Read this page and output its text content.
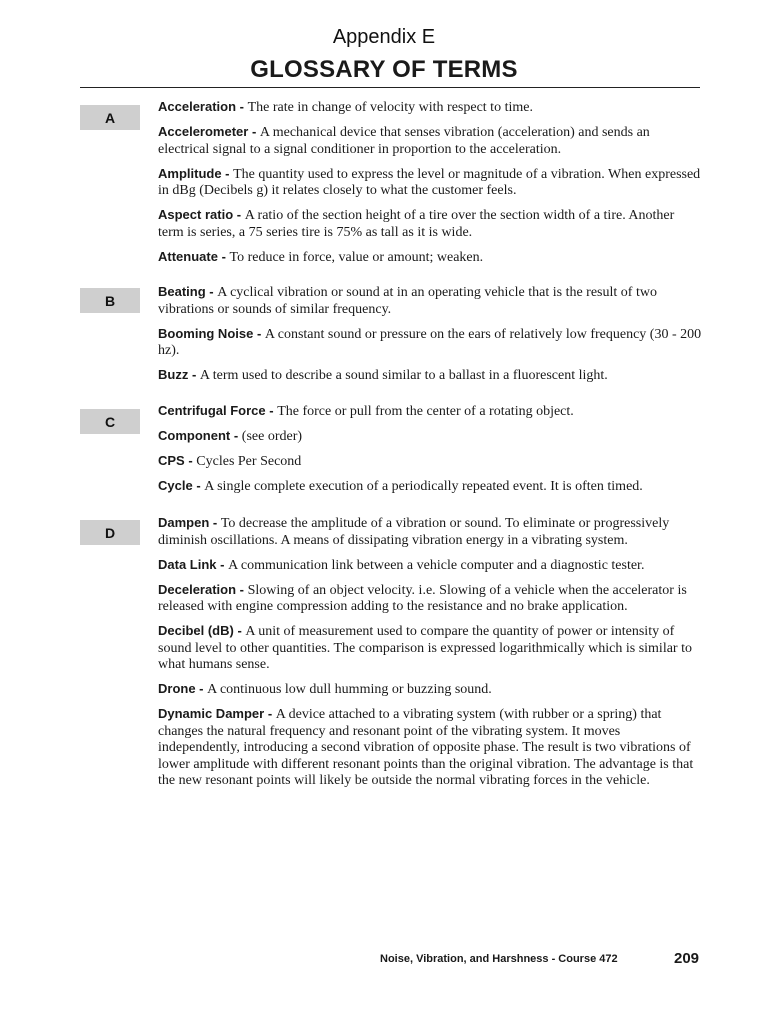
Appendix E
GLOSSARY OF TERMS
A

Acceleration - The rate in change of velocity with respect to time.

Accelerometer - A mechanical device that senses vibration (acceleration) and sends an electrical signal to a signal conditioner in proportion to the acceleration.

Amplitude - The quantity used to express the level or magnitude of a vibration. When expressed in dBg (Decibels g) it relates closely to what the customer feels.

Aspect ratio - A ratio of the section height of a tire over the section width of a tire. Another term is series, a 75 series tire is 75% as tall as it is wide.

Attenuate - To reduce in force, value or amount; weaken.

B

Beating - A cyclical vibration or sound at in an operating vehicle that is the result of two vibrations or sounds of similar frequency.

Booming Noise - A constant sound or pressure on the ears of relatively low frequency (30 - 200 hz).

Buzz - A term used to describe a sound similar to a ballast in a fluorescent light.

C

Centrifugal Force - The force or pull from the center of a rotating object.

Component - (see order)

CPS - Cycles Per Second

Cycle - A single complete execution of a periodically repeated event. It is often timed.

D

Dampen - To decrease the amplitude of a vibration or sound. To eliminate or progressively diminish oscillations. A means of dissipating vibration energy in a vibrating system.

Data Link - A communication link between a vehicle computer and a diagnostic tester.

Deceleration - Slowing of an object velocity. i.e. Slowing of a vehicle when the accelerator is released with engine compression adding to the resistance and no brake application.

Decibel (dB) - A unit of measurement used to compare the quantity of power or intensity of sound level to other quantities. The comparison is expressed logarithmically which is similar to what humans sense.

Drone - A continuous low dull humming or buzzing sound.

Dynamic Damper - A device attached to a vibrating system (with rubber or a spring) that changes the natural frequency and resonant point of the vibrating system. It moves independently, introducing a second vibration of opposite phase. The result is two vibrations of lower amplitude with different resonant points than the original vibration. The advantage is that the new resonant points will likely be outside the normal vibrating forces in the vehicle.

Noise, Vibration, and Harshness - Course 472	209
